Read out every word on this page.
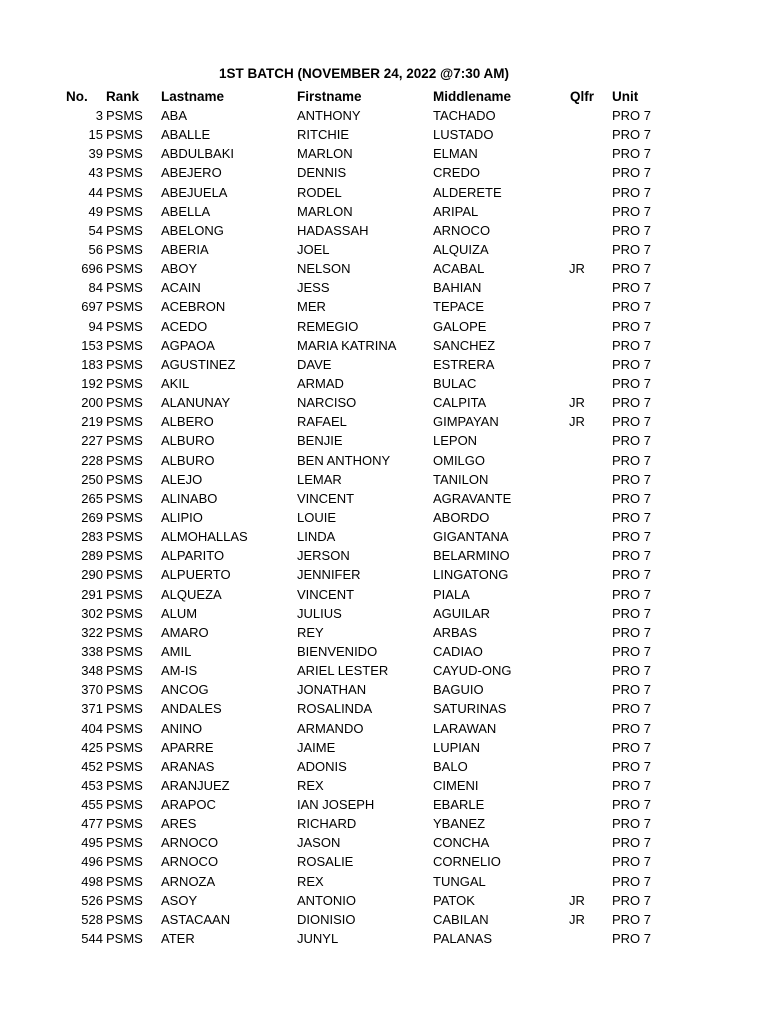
1ST BATCH (NOVEMBER 24, 2022 @7:30 AM)
No. Rank Lastname	Firstname	Middlename	Qlfr Unit
3 PSMS ABA	ANTHONY	TACHADO	PRO 7
15 PSMS ABALLE	RITCHIE	LUSTADO	PRO 7
39 PSMS ABDULBAKI	MARLON	ELMAN	PRO 7
43 PSMS ABEJERO	DENNIS	CREDO	PRO 7
44 PSMS ABEJUELA	RODEL	ALDERETE	PRO 7
49 PSMS ABELLA	MARLON	ARIPAL	PRO 7
54 PSMS ABELONG	HADASSAH	ARNOCO	PRO 7
56 PSMS ABERIA	JOEL	ALQUIZA	PRO 7
696 PSMS ABOY	NELSON	ACABAL	JR PRO 7
84 PSMS ACAIN	JESS	BAHIAN	PRO 7
697 PSMS ACEBRON	MER	TEPACE	PRO 7
94 PSMS ACEDO	REMEGIO	GALOPE	PRO 7
153 PSMS AGPAOA	MARIA KATRINA	SANCHEZ	PRO 7
183 PSMS AGUSTINEZ	DAVE	ESTRERA	PRO 7
192 PSMS AKIL	ARMAD	BULAC	PRO 7
200 PSMS ALANUNAY	NARCISO	CALPITA	JR PRO 7
219 PSMS ALBERO	RAFAEL	GIMPAYAN	JR PRO 7
227 PSMS ALBURO	BENJIE	LEPON	PRO 7
228 PSMS ALBURO	BEN ANTHONY	OMILGO	PRO 7
250 PSMS ALEJO	LEMAR	TANILON	PRO 7
265 PSMS ALINABO	VINCENT	AGRAVANTE	PRO 7
269 PSMS ALIPIO	LOUIE	ABORDO	PRO 7
283 PSMS ALMOHALLAS	LINDA	GIGANTANA	PRO 7
289 PSMS ALPARITO	JERSON	BELARMINO	PRO 7
290 PSMS ALPUERTO	JENNIFER	LINGATONG	PRO 7
291 PSMS ALQUEZA	VINCENT	PIALA	PRO 7
302 PSMS ALUM	JULIUS	AGUILAR	PRO 7
322 PSMS AMARO	REY	ARBAS	PRO 7
338 PSMS AMIL	BIENVENIDO	CADIAO	PRO 7
348 PSMS AM-IS	ARIEL LESTER	CAYUD-ONG	PRO 7
370 PSMS ANCOG	JONATHAN	BAGUIO	PRO 7
371 PSMS ANDALES	ROSALINDA	SATURINAS	PRO 7
404 PSMS ANINO	ARMANDO	LARAWAN	PRO 7
425 PSMS APARRE	JAIME	LUPIAN	PRO 7
452 PSMS ARANAS	ADONIS	BALO	PRO 7
453 PSMS ARANJUEZ	REX	CIMENI	PRO 7
455 PSMS ARAPOC	IAN JOSEPH	EBARLE	PRO 7
477 PSMS ARES	RICHARD	YBANEZ	PRO 7
495 PSMS ARNOCO	JASON	CONCHA	PRO 7
496 PSMS ARNOCO	ROSALIE	CORNELIO	PRO 7
498 PSMS ARNOZA	REX	TUNGAL	PRO 7
526 PSMS ASOY	ANTONIO	PATOK	JR PRO 7
528 PSMS ASTACAAN	DIONISIO	CABILAN	JR PRO 7
544 PSMS ATER	JUNYL	PALANAS	PRO 7
